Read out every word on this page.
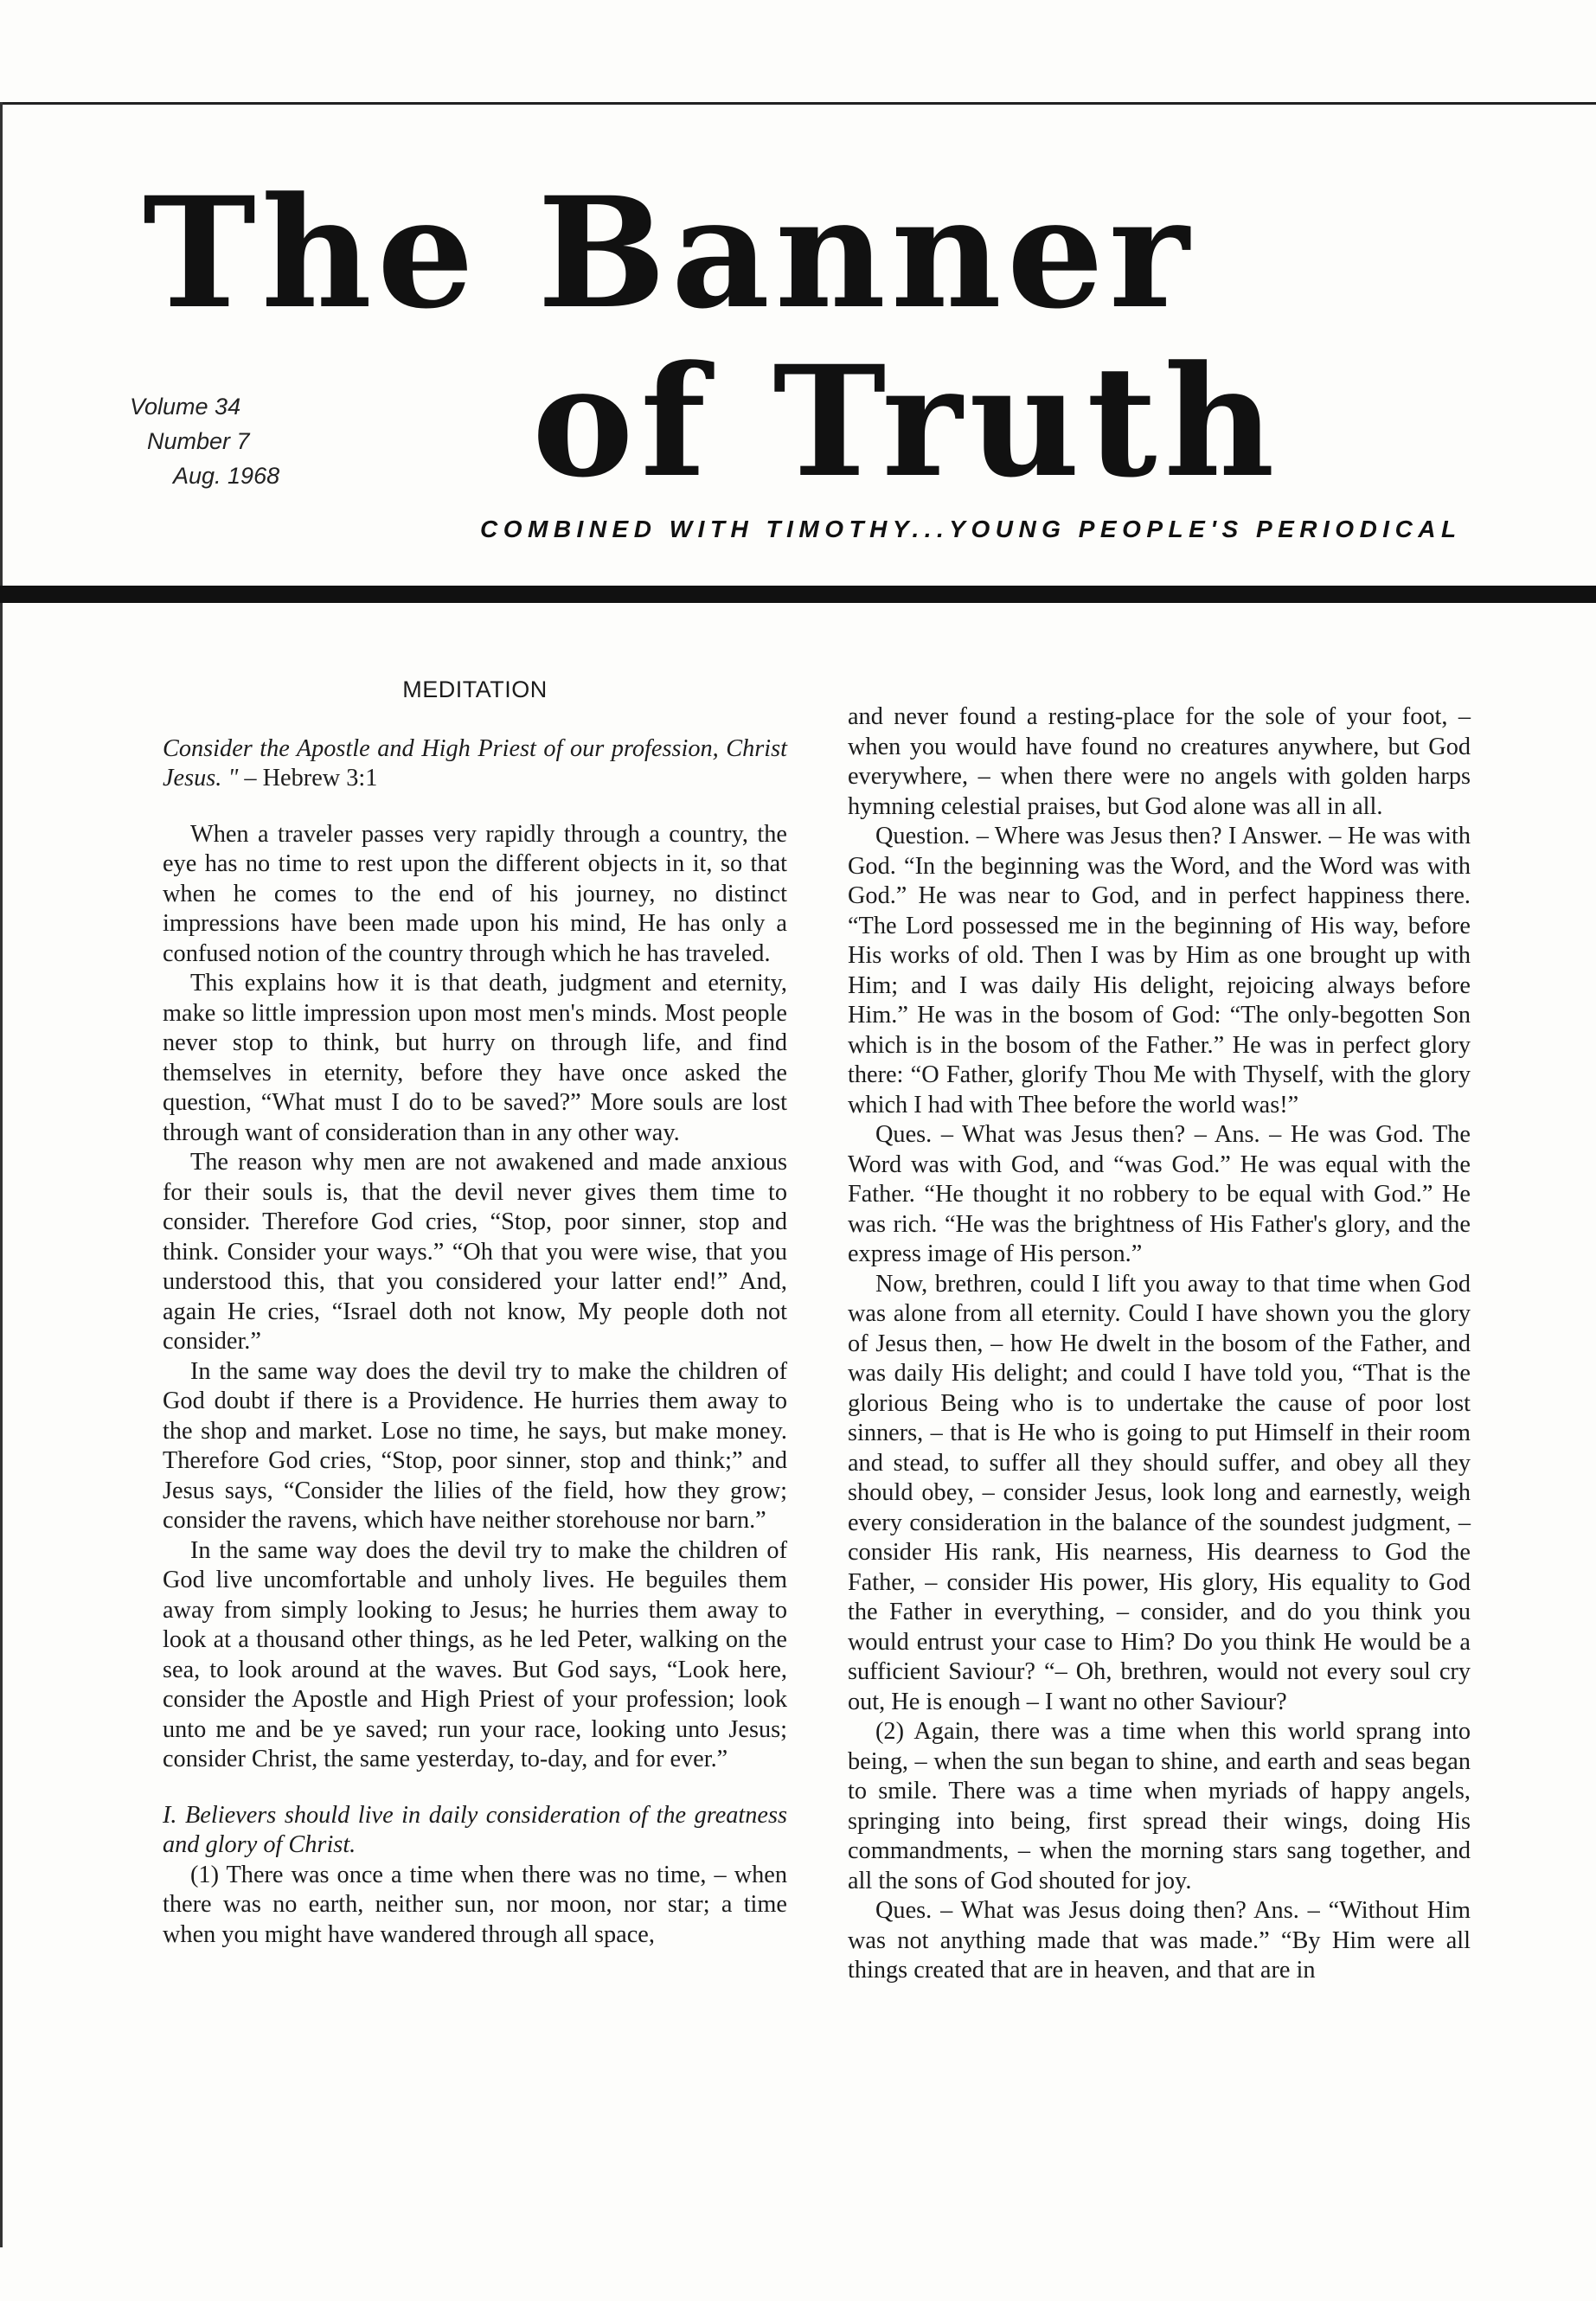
The Banner
of Truth
Volume 34
Number 7
Aug. 1968
COMBINED WITH TIMOTHY...YOUNG PEOPLE'S PERIODICAL
MEDITATION

Consider the Apostle and High Priest of our profession, Christ Jesus. " – Hebrew 3:1

When a traveler passes very rapidly through a country, the eye has no time to rest upon the different objects in it, so that when he comes to the end of his journey, no distinct impressions have been made upon his mind, He has only a confused notion of the country through which he has traveled.

This explains how it is that death, judgment and eternity, make so little impression upon most men's minds. Most people never stop to think, but hurry on through life, and find themselves in eternity, before they have once asked the question, “What must I do to be saved?” More souls are lost through want of consideration than in any other way.

The reason why men are not awakened and made anxious for their souls is, that the devil never gives them time to consider. Therefore God cries, “Stop, poor sinner, stop and think. Consider your ways.” “Oh that you were wise, that you understood this, that you considered your latter end!” And, again He cries, “Israel doth not know, My people doth not consider.”

In the same way does the devil try to make the children of God doubt if there is a Providence. He hurries them away to the shop and market. Lose no time, he says, but make money. Therefore God cries, “Stop, poor sinner, stop and think;” and Jesus says, “Consider the lilies of the field, how they grow; consider the ravens, which have neither storehouse nor barn.”

In the same way does the devil try to make the children of God live uncomfortable and unholy lives. He beguiles them away from simply looking to Jesus; he hurries them away to look at a thousand other things, as he led Peter, walking on the sea, to look around at the waves. But God says, “Look here, consider the Apostle and High Priest of your profession; look unto me and be ye saved; run your race, looking unto Jesus; consider Christ, the same yesterday, to-day, and for ever.”

I. Believers should live in daily consideration of the greatness and glory of Christ.

(1) There was once a time when there was no time, – when there was no earth, neither sun, nor moon, nor star; a time when you might have wandered through all space,

and never found a resting-place for the sole of your foot, – when you would have found no creatures anywhere, but God everywhere, – when there were no angels with golden harps hymning celestial praises, but God alone was all in all.

Question. – Where was Jesus then? I Answer. – He was with God. “In the beginning was the Word, and the Word was with God.” He was near to God, and in perfect happiness there. “The Lord possessed me in the beginning of His way, before His works of old. Then I was by Him as one brought up with Him; and I was daily His delight, rejoicing always before Him.” He was in the bosom of God: “The only-begotten Son which is in the bosom of the Father.” He was in perfect glory there: “O Father, glorify Thou Me with Thyself, with the glory which I had with Thee before the world was!”

Ques. – What was Jesus then? – Ans. – He was God. The Word was with God, and “was God.” He was equal with the Father. “He thought it no robbery to be equal with God.” He was rich. “He was the brightness of His Father's glory, and the express image of His person.”

Now, brethren, could I lift you away to that time when God was alone from all eternity. Could I have shown you the glory of Jesus then, – how He dwelt in the bosom of the Father, and was daily His delight; and could I have told you, “That is the glorious Being who is to undertake the cause of poor lost sinners, – that is He who is going to put Himself in their room and stead, to suffer all they should suffer, and obey all they should obey, – consider Jesus, look long and earnestly, weigh every consideration in the balance of the soundest judgment, – consider His rank, His nearness, His dearness to God the Father, – consider His power, His glory, His equality to God the Father in everything, – consider, and do you think you would entrust your case to Him? Do you think He would be a sufficient Saviour? “– Oh, brethren, would not every soul cry out, He is enough – I want no other Saviour?

(2) Again, there was a time when this world sprang into being, – when the sun began to shine, and earth and seas began to smile. There was a time when myriads of happy angels, springing into being, first spread their wings, doing His commandments, – when the morning stars sang together, and all the sons of God shouted for joy.

Ques. – What was Jesus doing then? Ans. – “Without Him was not anything made that was made.” “By Him were all things created that are in heaven, and that are in
